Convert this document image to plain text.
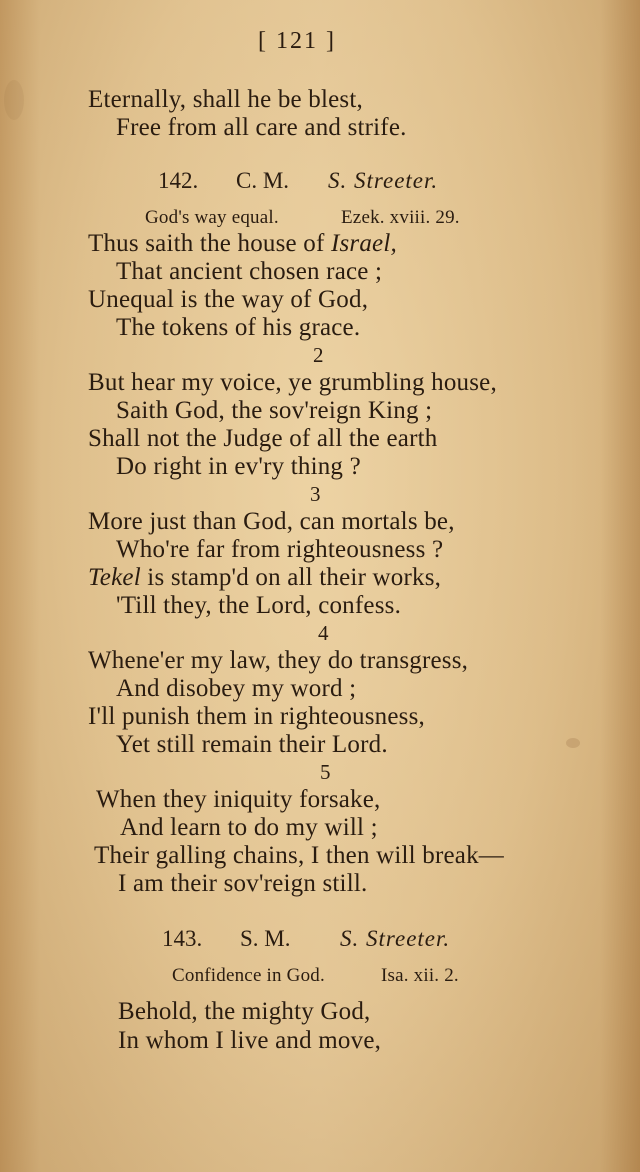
[ 121 ]
Eternally, shall he be blest,
Free from all care and strife.
142. C. M. S. Streeter.
God's way equal.	Ezek. xviii. 29.
Thus saith the house of Israel,
That ancient chosen race ;
Unequal is the way of God,
The tokens of his grace.
2
But hear my voice, ye grumbling house,
Saith God, the sov'reign King ;
Shall not the Judge of all the earth
Do right in ev'ry thing ?
3
More just than God, can mortals be,
Who're far from righteousness ?
Tekel is stamp'd on all their works,
'Till they, the Lord, confess.
4
Whene'er my law, they do transgress,
And disobey my word ;
I'll punish them in righteousness,
Yet still remain their Lord.
5
When they iniquity forsake,
And learn to do my will ;
Their galling chains, I then will break—
I am their sov'reign still.
143. S. M. S. Streeter.
Confidence in God.	Isa. xii. 2.
Behold, the mighty God,
In whom I live and move,
